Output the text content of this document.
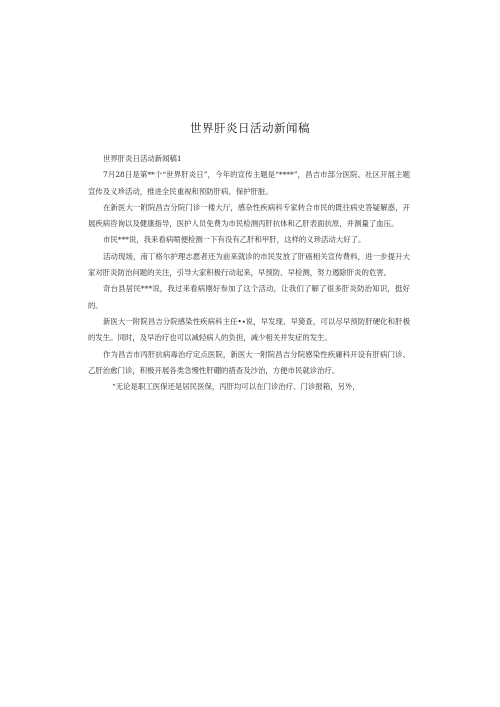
世界肝炎日活动新闻稿

世界肝炎日活动新闻稿1

7月28日是第**个“世界肝炎日”，今年的宣传主题是“****”，昌吉市部分医院、社区开展主题宣传及义珍活动，推进全民重视和预防肝病、保护肝脏。

在新医大一附院昌吉分院门诊一楼大厅，感杂性疾病科专家转合市民的既往病史答疑解惑，开展疾病咨询以及健康指导，医护人员免费为市民检测丙肝抗体和乙肝表面抗原，并测量了血压。

市民***说，我来看病喷便检测一下有没有乙肝和甲肝，这样的义珍活动大好了。

活动现场，南丁格尔护理志愿者还为前来就诊的市民发放了肝癌相关宣传费料，进一步提升大家对肝炎防治问题的关注，引导大家积极行动起来，早预防、早检测，努力遏除肝炎的危害。

奇台县居民***说，我过来看病刚好参加了这个活动，让我们了解了很多肝炎防治知识，挺好的。

新医大一附院昌吉分院感染性疾病科主任•∙说，早发现、早猗查，可以尽早预防肝硬化和肝极的发生。同时，及早治疗也可以减轻病人的负担，减少相关并发症的发生。

作为昌吉市丙肝抗病毒治疗定点医院，新医大一附院昌吉分院感染性疾庸科开设有肝病门诊、乙肝治愈门诊，积极开展各类急慢性肝硼的措查及沙治，方便市民就诊治疗。

“无论是职工医保还是居民医保，丙肝均可以在门诊治疗、门诊报箱，另外，
